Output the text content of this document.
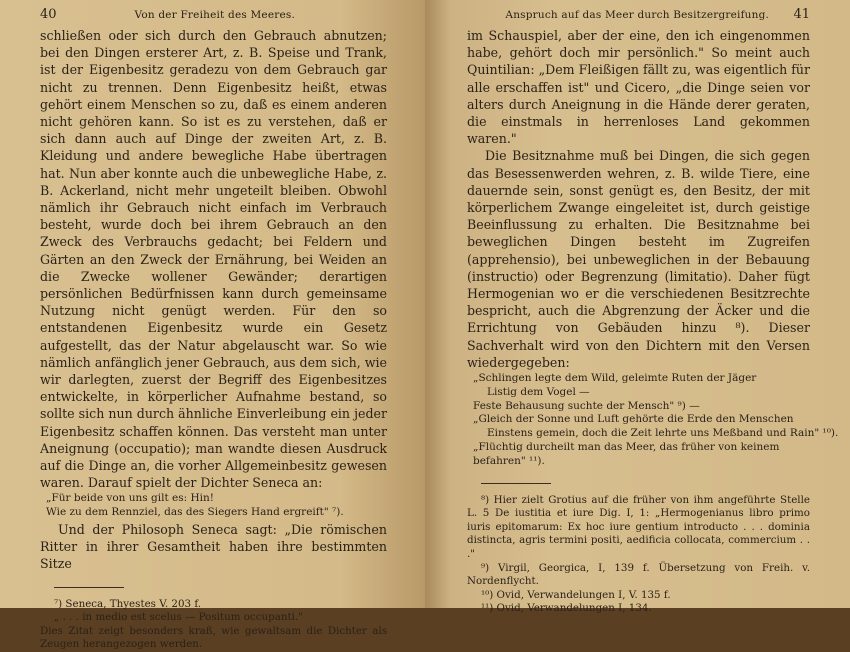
40	Von der Freiheit des Meeres.

schließen oder sich durch den Gebrauch abnutzen; bei den Dingen ersterer Art, z. B. Speise und Trank, ist der Eigenbesitz geradezu von dem Gebrauch gar nicht zu trennen. Denn Eigenbesitz heißt, etwas gehört einem Menschen so zu, daß es einem anderen nicht gehören kann. So ist es zu verstehen, daß er sich dann auch auf Dinge der zweiten Art, z. B. Kleidung und andere bewegliche Habe übertragen hat. Nun aber konnte auch die unbewegliche Habe, z. B. Ackerland, nicht mehr ungeteilt bleiben. Obwohl nämlich ihr Gebrauch nicht einfach im Verbrauch besteht, wurde doch bei ihrem Gebrauch an den Zweck des Verbrauchs gedacht; bei Feldern und Gärten an den Zweck der Ernährung, bei Weiden an die Zwecke wollener Gewänder; derartigen persönlichen Bedürfnissen kann durch gemeinsame Nutzung nicht genügt werden. Für den so entstandenen Eigenbesitz wurde ein Gesetz aufgestellt, das der Natur abgelauscht war. So wie nämlich anfänglich jener Gebrauch, aus dem sich, wie wir darlegten, zuerst der Begriff des Eigenbesitzes entwickelte, in körperlicher Aufnahme bestand, so sollte sich nun durch ähnliche Einverleibung ein jeder Eigenbesitz schaffen können. Das versteht man unter Aneignung (occupatio); man wandte diesen Ausdruck auf die Dinge an, die vorher Allgemeinbesitz gewesen waren. Darauf spielt der Dichter Seneca an:

„Für beide von uns gilt es: Hin!
Wie zu dem Rennziel, das des Siegers Hand ergreift" ⁷).

Und der Philosoph Seneca sagt: „Die römischen Ritter in ihrer Gesamtheit haben ihre bestimmten Sitze

⁷) Seneca, Thyestes V. 203 f.
„ . . . in medio est scelus — Positum occupanti."
Dies Zitat zeigt besonders kraß, wie gewaltsam die Dichter als Zeugen herangezogen werden.
Anspruch auf das Meer durch Besitzergreifung. 41

im Schauspiel, aber der eine, den ich eingenommen habe, gehört doch mir persönlich." So meint auch Quintilian: „Dem Fleißigen fällt zu, was eigentlich für alle erschaffen ist" und Cicero, „die Dinge seien vor alters durch Aneignung in die Hände derer geraten, die einstmals in herrenloses Land gekommen waren."

Die Besitznahme muß bei Dingen, die sich gegen das Besessenwerden wehren, z. B. wilde Tiere, eine dauernde sein, sonst genügt es, den Besitz, der mit körperlichem Zwange eingeleitet ist, durch geistige Beeinflussung zu erhalten. Die Besitznahme bei beweglichen Dingen besteht im Zugreifen (apprehensio), bei unbeweglichen in der Bebauung (instructio) oder Begrenzung (limitatio). Daher fügt Hermogenian wo er die verschiedenen Besitzrechte bespricht, auch die Abgrenzung der Äcker und die Errichtung von Gebäuden hinzu ⁸). Dieser Sachverhalt wird von den Dichtern mit den Versen wiedergegeben:

„Schlingen legte dem Wild, geleimte Ruten der Jäger
Listig dem Vogel —
Feste Behausung suchte der Mensch" ⁹) —
„Gleich der Sonne und Luft gehörte die Erde den Menschen
Einstens gemein, doch die Zeit lehrte uns Meßband und Rain" ¹⁰).
„Flüchtig durcheilt man das Meer, das früher von keinem befahren" ¹¹).
⁸) Hier zielt Grotius auf die früher von ihm angeführte Stelle L. 5 De iustitia et iure Dig. I, 1: „Hermogenianus libro primo iuris epitomarum: Ex hoc iure gentium introducto . . . dominia distincta, agris termini positi, aedificia collocata, commercium . . ."
⁹) Virgil, Georgica, I, 139 f. Übersetzung von Freih. v. Nordenflycht.
¹⁰) Ovid, Verwandelungen I, V. 135 f.
¹¹) Ovid, Verwandelungen I, 134.
